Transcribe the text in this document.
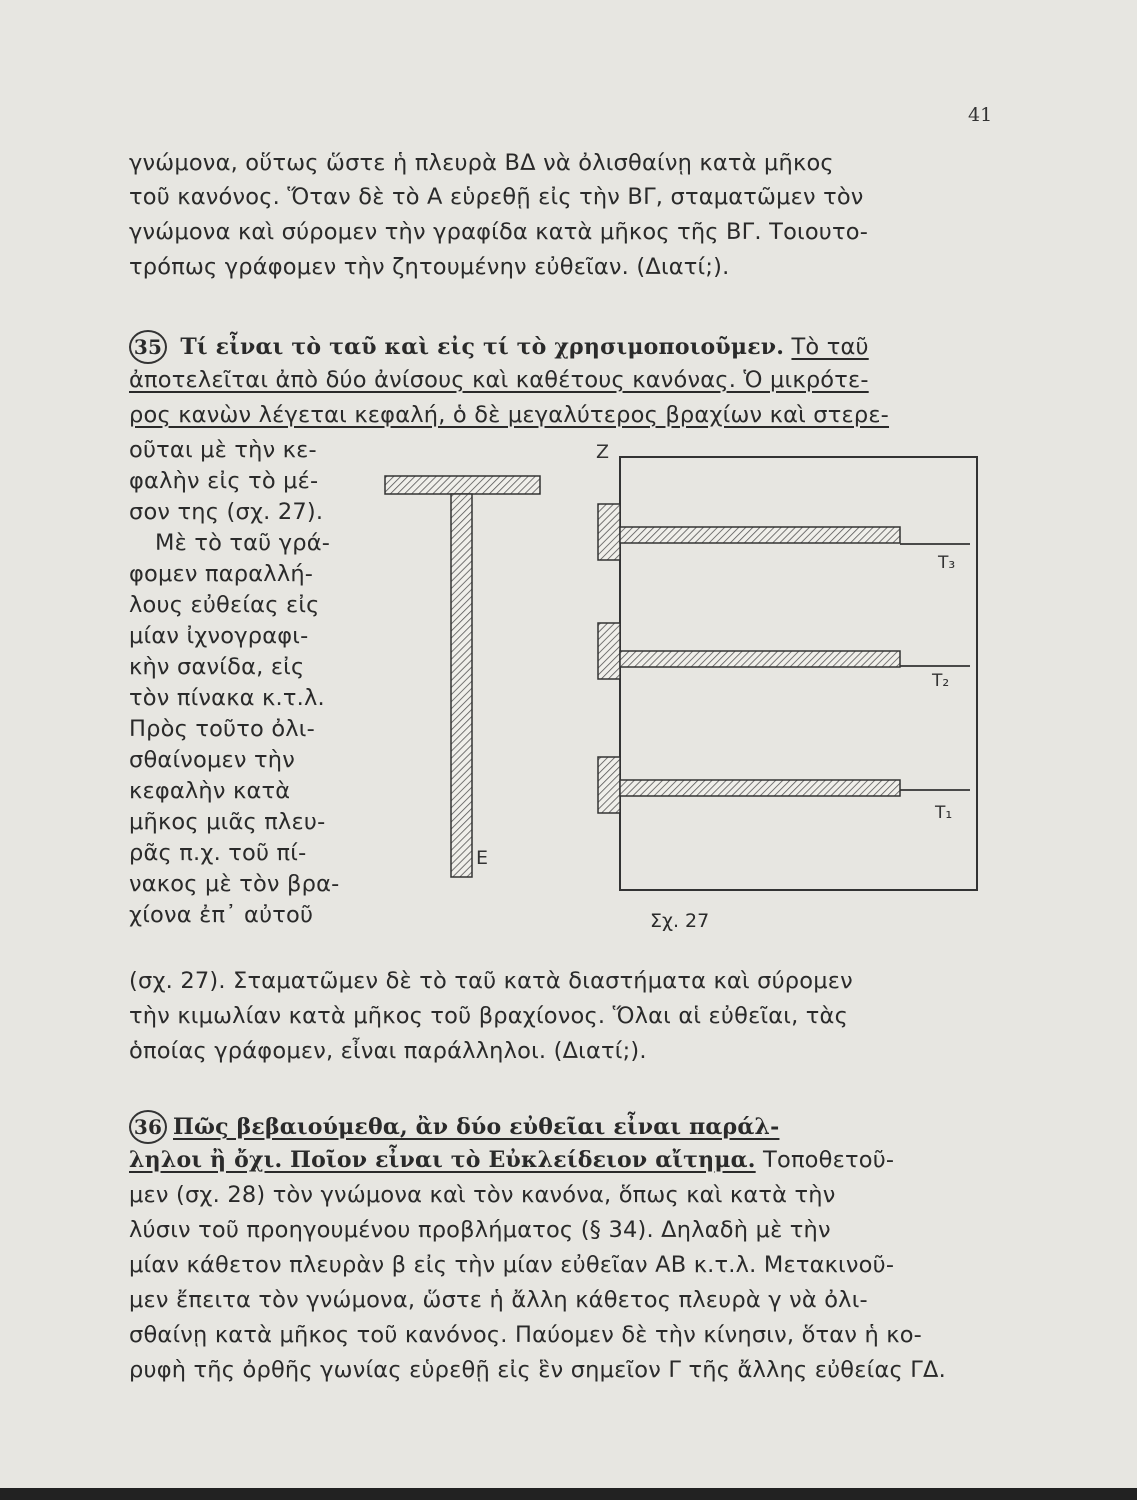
41
γνώμονα, οὕτως ὥστε ἡ πλευρὰ ΒΔ νὰ ὀλισθαίνῃ κατὰ μῆκος
τοῦ κανόνος. Ὅταν δὲ τὸ Α εὑρεθῇ εἰς τὴν ΒΓ, σταματῶμεν τὸν
γνώμονα καὶ σύρομεν τὴν γραφίδα κατὰ μῆκος τῆς ΒΓ. Τοιουτο-
τρόπως γράφομεν τὴν ζητουμένην εὐθεῖαν. (Διατί;).
35 Τί εἶναι τὸ ταῦ καὶ εἰς τί τὸ χρησιμοποιοῦμεν. Τὸ ταῦ
ἀποτελεῖται ἀπὸ δύο ἀνίσους καὶ καθέτους κανόνας. Ὁ μικρότε-
ρος κανὼν λέγεται κεφαλή, ὁ δὲ μεγαλύτερος βραχίων καὶ στερε-
οῦται μὲ τὴν κε-
φαλὴν εἰς τὸ μέ-
σον της (σχ. 27).
Μὲ τὸ ταῦ γρά-
φομεν παραλλή-
λους εὐθείας εἰς
μίαν ἰχνογραφι-
κὴν σανίδα, εἰς
τὸν πίνακα κ.τ.λ.
Πρὸς τοῦτο ὀλι-
σθαίνομεν τὴν
κεφαλὴν κατὰ
μῆκος μιᾶς πλευ-
ρᾶς π.χ. τοῦ πί-
νακος μὲ τὸν βρα-
χίονα ἐπ᾽ αὐτοῦ
(σχ. 27). Σταματῶμεν δὲ τὸ ταῦ κατὰ διαστήματα καὶ σύρομεν
τὴν κιμωλίαν κατὰ μῆκος τοῦ βραχίονος. Ὅλαι αἱ εὐθεῖαι, τὰς
ὁποίας γράφομεν, εἶναι παράλληλοι. (Διατί;).
Ε
Ζ
Τ₃
Τ₂
Τ₁
Σχ. 27
36 Πῶς βεβαιούμεθα, ἂν δύο εὐθεῖαι εἶναι παράλ-
ληλοι ἢ ὄχι. Ποῖον εἶναι τὸ Εὐκλείδειον αἴτημα. Τοποθετοῦ-
μεν (σχ. 28) τὸν γνώμονα καὶ τὸν κανόνα, ὅπως καὶ κατὰ τὴν
λύσιν τοῦ προηγουμένου προβλήματος (§ 34). Δηλαδὴ μὲ τὴν
μίαν κάθετον πλευρὰν β εἰς τὴν μίαν εὐθεῖαν ΑΒ κ.τ.λ. Μετακινοῦ-
μεν ἔπειτα τὸν γνώμονα, ὥστε ἡ ἄλλη κάθετος πλευρὰ γ νὰ ὀλι-
σθαίνῃ κατὰ μῆκος τοῦ κανόνος. Παύομεν δὲ τὴν κίνησιν, ὅταν ἡ κο-
ρυφὴ τῆς ὀρθῆς γωνίας εὑρεθῇ εἰς ἓν σημεῖον Γ τῆς ἄλλης εὐθείας ΓΔ.
